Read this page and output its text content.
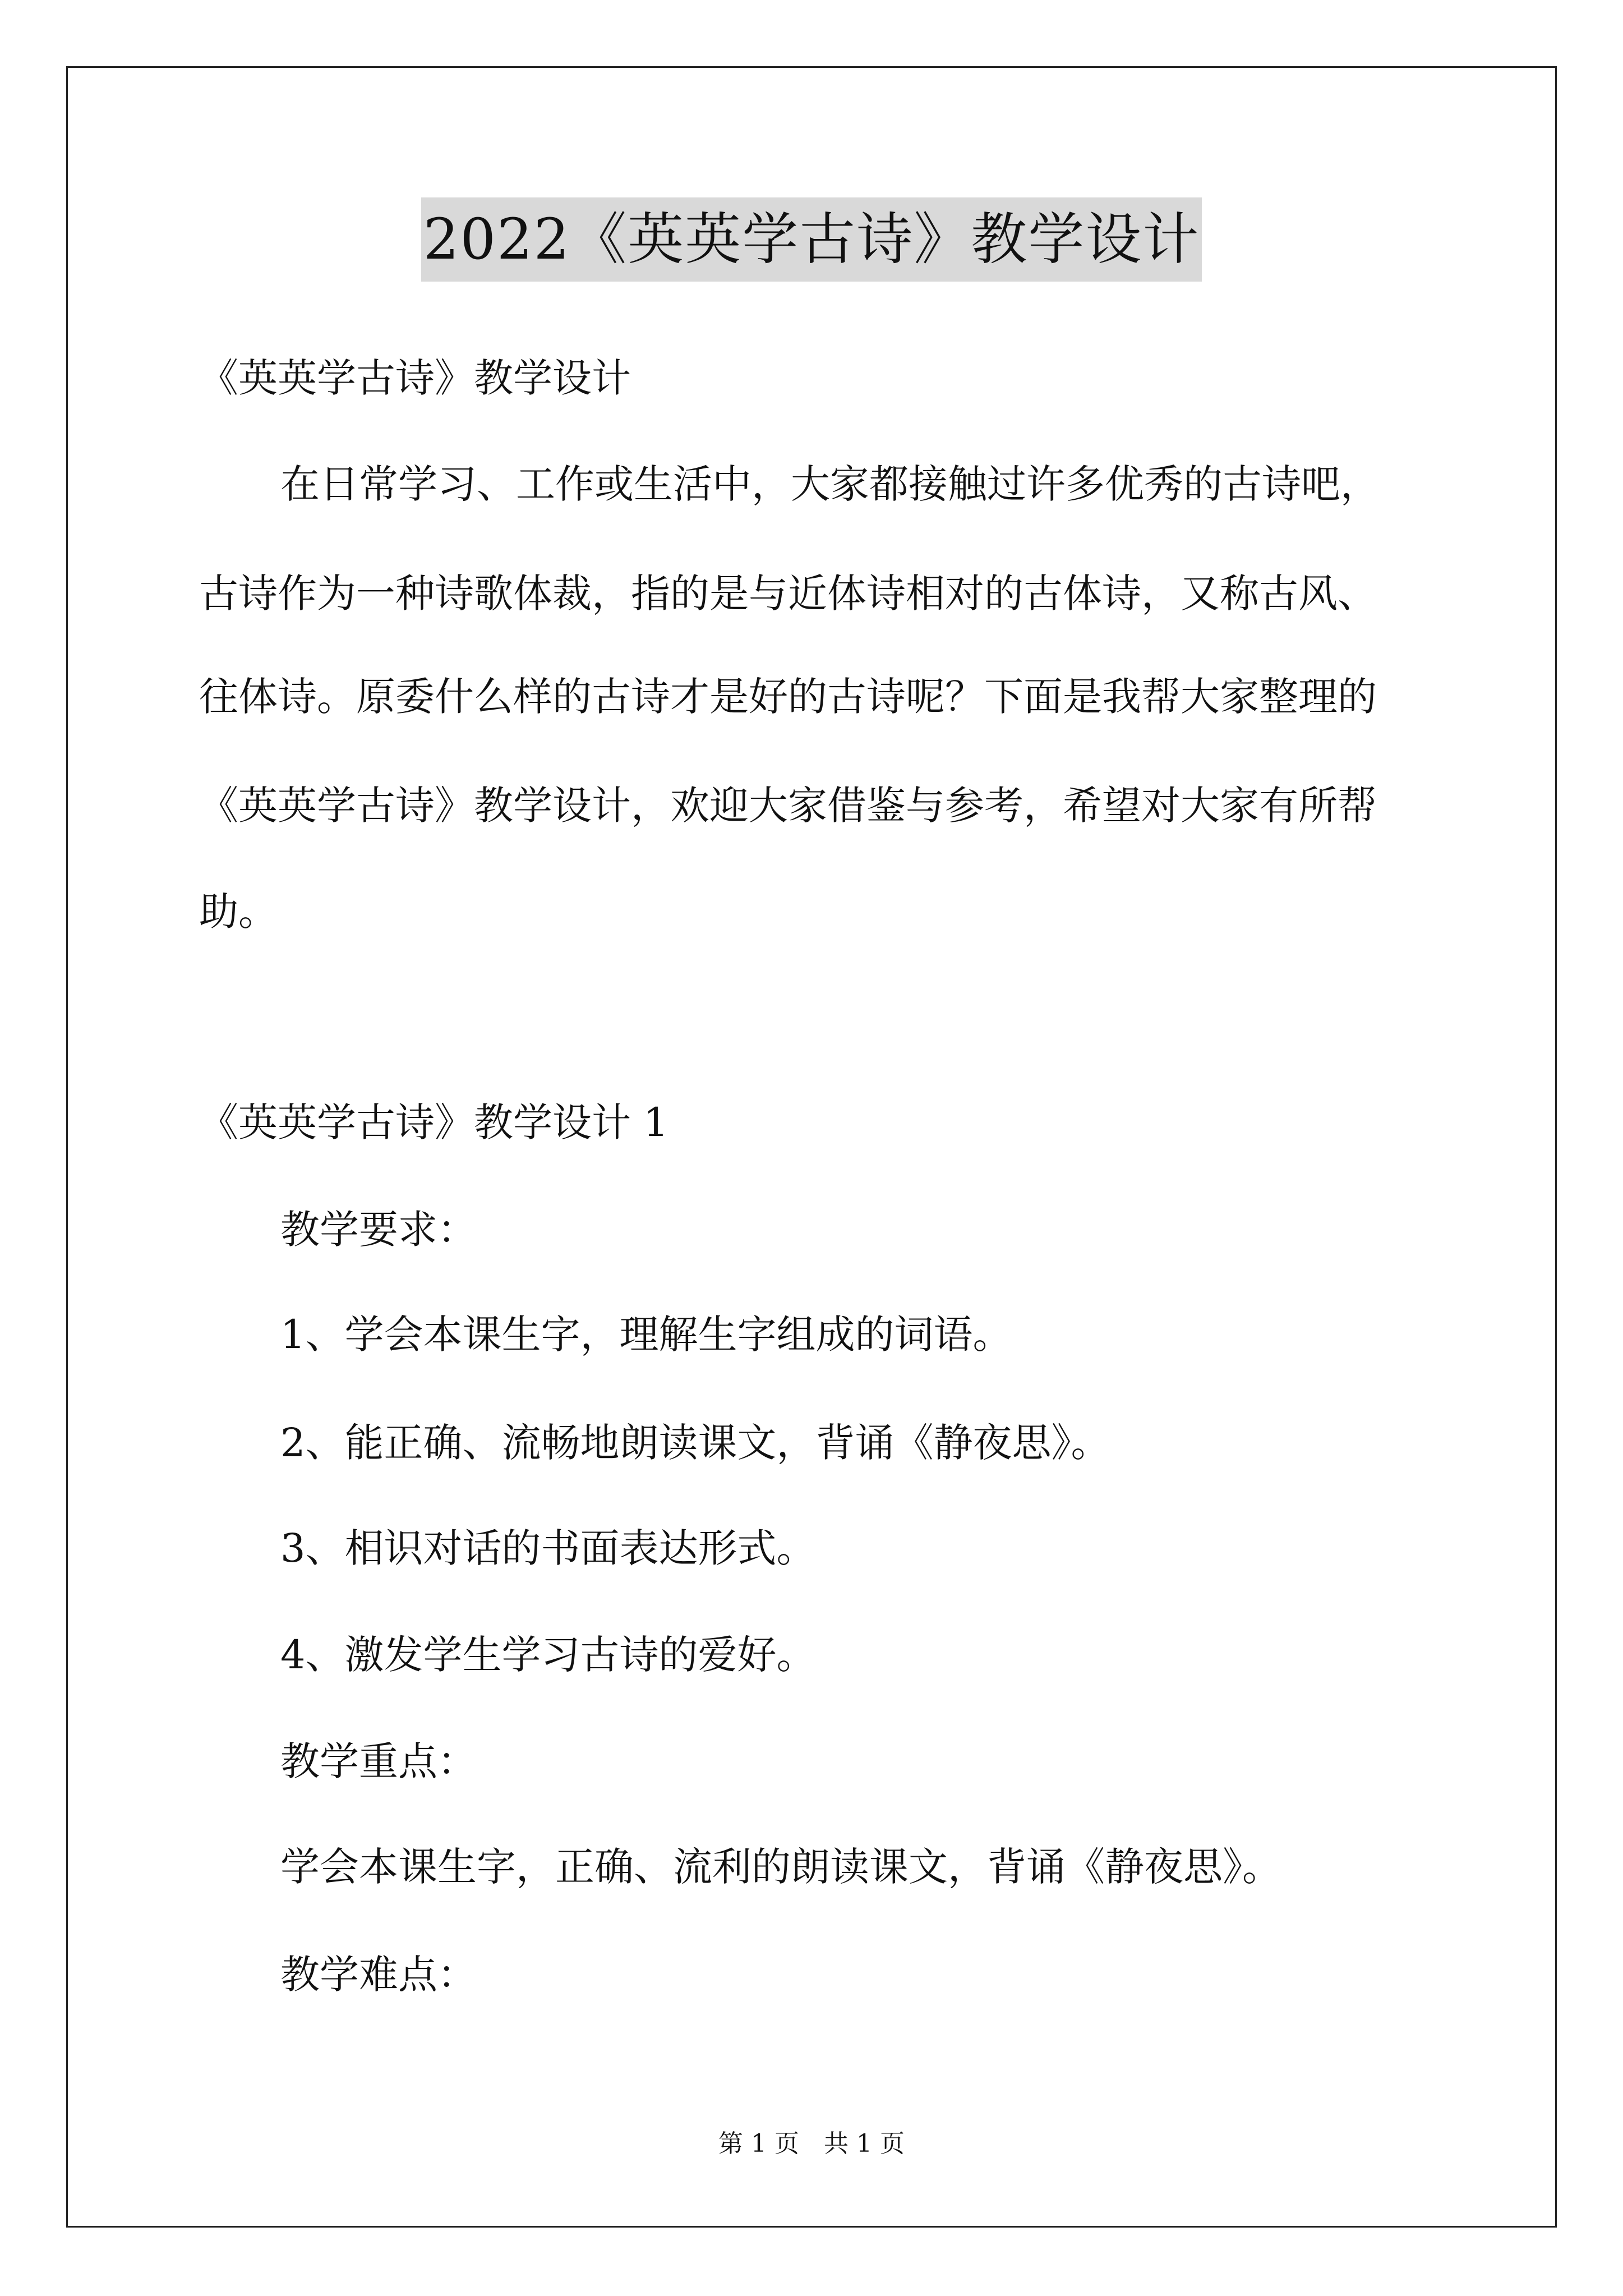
2022《英英学古诗》教学设计
《英英学古诗》教学设计
在日常学习、工作或生活中，大家都接触过许多优秀的古诗吧，
古诗作为一种诗歌体裁，指的是与近体诗相对的古体诗，又称古风、
往体诗。原委什么样的古诗才是好的古诗呢？下面是我帮大家整理的
《英英学古诗》教学设计，欢迎大家借鉴与参考，希望对大家有所帮
助。
《英英学古诗》教学设计 1
教学要求：
1、学会本课生字，理解生字组成的词语。
2、能正确、流畅地朗读课文，背诵《静夜思》。
3、相识对话的书面表达形式。
4、激发学生学习古诗的爱好。
教学重点：
学会本课生字，正确、流利的朗读课文，背诵《静夜思》。
教学难点：
第 1 页　共 1 页
